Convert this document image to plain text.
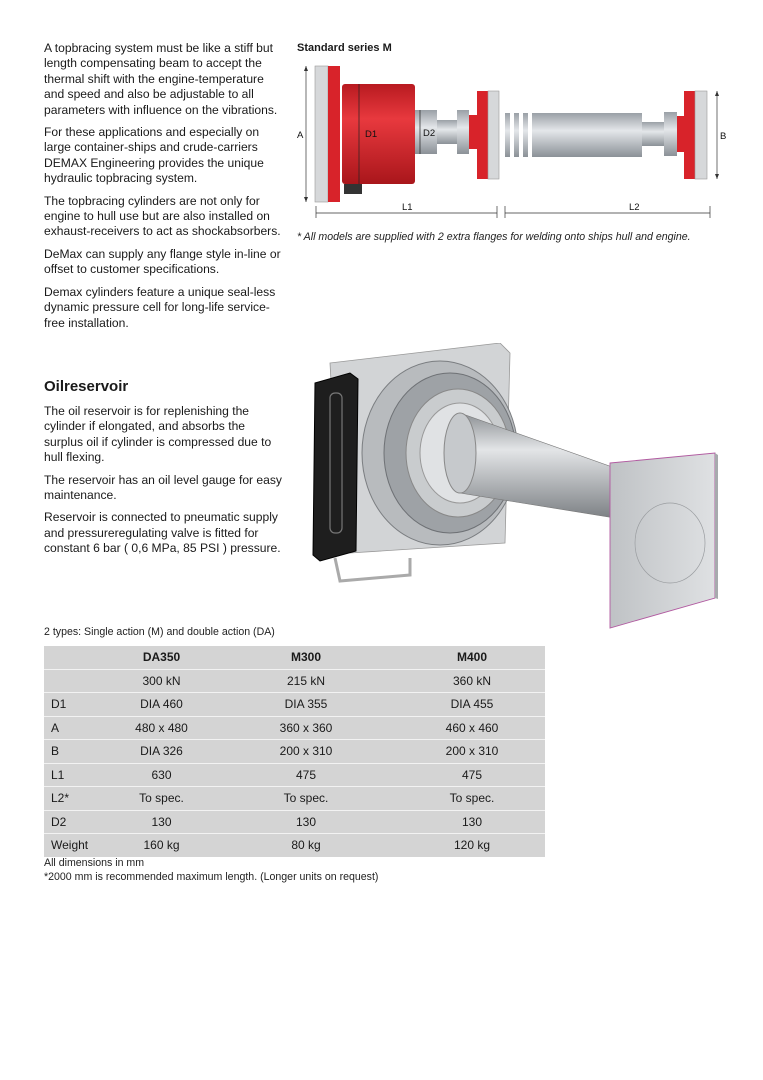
A topbracing system must be like a stiff but length compensating beam to accept the thermal shift with the engine-temperature and speed and also be adjustable to all parameters with influence on the vibrations.

For these applications and especially on large container-ships and crude-carriers DEMAX Engineering provides the unique hydraulic topbracing system.

The topbracing cylinders are not only for engine to hull use but are also installed on exhaust-receivers to act as shockabsorbers.

DeMax can supply any flange style in-line or offset to customer specifications.

Demax cylinders feature a unique seal-less dynamic pressure cell for long-life service-free installation.

Oilreservoir

The oil reservoir is for replenishing the cylinder if elongated, and absorbs the surplus oil if cylinder is compressed due to hull flexing.

The reservoir has an oil level gauge for easy maintenance.

Reservoir is connected to pneumatic supply and pressureregulating valve is fitted for constant 6 bar ( 0,6 MPa, 85 PSI ) pressure.

Standard series M
A	D1	D2	B
L1	L2
* All models are supplied with 2 extra flanges for welding onto ships hull and engine.
2 types: Single action (M) and double action (DA)
	DA350	M300	M400
	300 kN	215 kN	360 kN
D1	DIA 460	DIA 355	DIA 455
A	480 x 480	360 x 360	460 x 460
B	DIA 326	200 x 310	200 x 310
L1	630	475	475
L2*	To spec.	To spec.	To spec.
D2	130	130	130
Weight	160 kg	80 kg	120 kg
All dimensions in mm
*2000 mm is recommended maximum length. (Longer units on request)
